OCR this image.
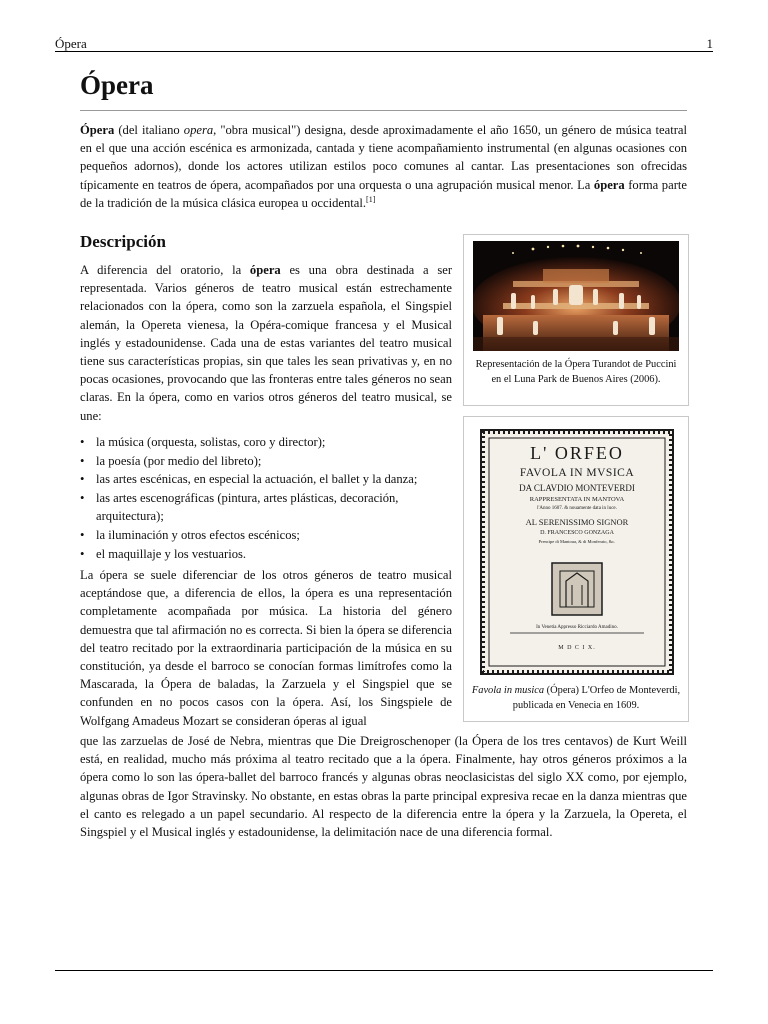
Ópera	1
Ópera

Ópera (del italiano opera, "obra musical") designa, desde aproximadamente el año 1650, un género de música teatral en el que una acción escénica es armonizada, cantada y tiene acompañamiento instrumental (en algunas ocasiones con pequeños adornos), donde los actores utilizan estilos poco comunes al cantar. Las presentaciones son ofrecidas típicamente en teatros de ópera, acompañados por una orquesta o una agrupación musical menor. La ópera forma parte de la tradición de la música clásica europea u occidental.[1]

Descripción

A diferencia del oratorio, la ópera es una obra destinada a ser representada. Varios géneros de teatro musical están estrechamente relacionados con la ópera, como son la zarzuela española, el Singspiel alemán, la Opereta vienesa, la Opéra-comique francesa y el Musical inglés y estadounidense. Cada una de estas variantes del teatro musical tiene sus características propias, sin que tales les sean privativas y, en no pocas ocasiones, provocando que las fronteras entre tales géneros no sean claras. En la ópera, como en varios otros géneros del teatro musical, se une:

• la música (orquesta, solistas, coro y director);
• la poesía (por medio del libreto);
• las artes escénicas, en especial la actuación, el ballet y la danza;
• las artes escenográficas (pintura, artes plásticas, decoración, arquitectura);
• la iluminación y otros efectos escénicos;
• el maquillaje y los vestuarios.

La ópera se suele diferenciar de los otros géneros de teatro musical aceptándose que, a diferencia de ellos, la ópera es una representación completamente acompañada por música. La historia del género demuestra que tal afirmación no es correcta. Si bien la ópera se diferencia del teatro recitado por la extraordinaria participación de la música en su constitución, ya desde el barroco se conocían formas limítrofes como la Mascarada, la Ópera de baladas, la Zarzuela y el Singspiel que se confunden en no pocos casos con la ópera. Así, los Singspiele de Wolfgang Amadeus Mozart se consideran óperas al igual

que las zarzuelas de José de Nebra, mientras que Die Dreigroschenoper (la Ópera de los tres centavos) de Kurt Weill está, en realidad, mucho más próxima al teatro recitado que a la ópera. Finalmente, hay otros géneros próximos a la ópera como lo son las ópera-ballet del barroco francés y algunas obras neoclasicistas del siglo XX como, por ejemplo, algunas obras de Igor Stravinsky. No obstante, en estas obras la parte principal expresiva recae en la danza mientras que el canto es relegado a un papel secundario. Al respecto de la diferencia entre la ópera y la Zarzuela, la Opereta, el Singspiel y el Musical inglés y estadounidense, la delimitación nace de una diferencia formal.

Representación de la Ópera Turandot de Puccini en el Luna Park de Buenos Aires (2006).
L' ORFEO
FAVOLA IN MVSICA
DA CLAVDIO MONTEVERDI
RAPPRESENTATA IN MANTOVA
l'Anno 1607. & nouamente data in luce.
AL SERENISSIMO SIGNOR
D. FRANCESCO GONZAGA
Prencipe di Mantoua, & di Monferato, &c.
In Venetia Appresso Ricciardo Amadino.
M D C I X.
Favola in musica (Ópera) L'Orfeo de Monteverdi, publicada en Venecia en 1609.
